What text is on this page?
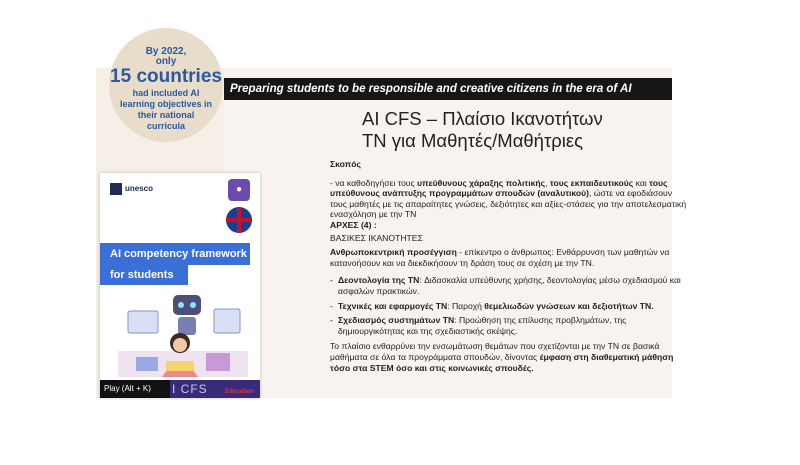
Preparing students to be responsible and creative citizens in the era of AI
By 2022,
only
15 countries
had included AI learning objectives in their national curricula
unesco	●
AI competency framework
for students
Play (Alt + K)	I CFS	Education
AI CFS – Πλαίσιο Ικανοτήτων
TN για Μαθητές/Μαθήτριες

Σκοπός

- να καθοδηγήσει τους υπεύθυνους χάραξης πολιτικής, τους εκπαιδευτικούς και τους υπεύθυνους ανάπτυξης προγραμμάτων σπουδών (αναλυτικού), ώστε να εφοδιάσουν τους μαθητές με τις απαραίτητες γνώσεις, δεξιότητες και αξίες-στάσεις για την αποτελεσματική ενασχόληση με την TN

ΑΡΧΕΣ (4) :

ΒΑΣΙΚΕΣ ΙΚΑΝΟΤΗΤΕΣ

Ανθρωποκεντρική προσέγγιση - επίκεντρο ο άνθρωπος: Ενθάρρυνση των μαθητών να κατανοήσουν και να διεκδικήσουν τη δράση τους σε σχέση με την TN.

- Δεοντολογία της TN: Διδασκαλία υπεύθυνης χρήσης, δεοντολογίας μέσω σχεδιασμού και ασφαλών πρακτικών.

- Τεχνικές και εφαρμογές TN: Παροχή θεμελιωδών γνώσεων και δεξιοτήτων TN.

- Σχεδιασμός συστημάτων TN: Προώθηση της επίλυσης προβλημάτων, της δημιουργικότητας και της σχεδιαστικής σκέψης.

Το πλαίσιο ενθαρρύνει την ενσωμάτωση θεμάτων που σχετίζονται με την TN σε βασικά μαθήματα σε όλα τα προγράμματα σπουδών, δίνοντας έμφαση στη διαθεματική μάθηση τόσο στα STEM όσο και στις κοινωνικές σπουδές.
